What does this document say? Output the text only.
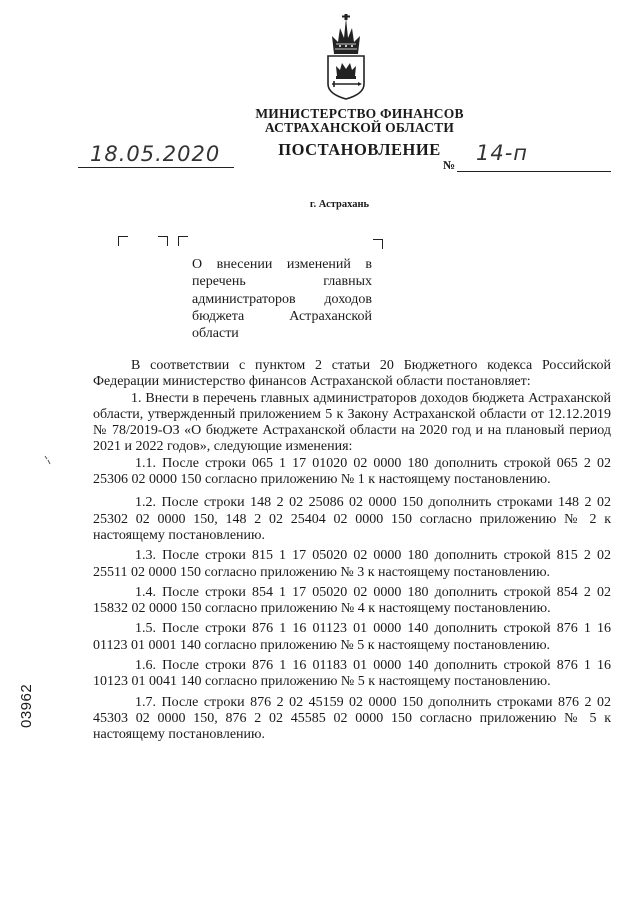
МИНИСТЕРСТВО ФИНАНСОВ
АСТРАХАНСКОЙ ОБЛАСТИ
ПОСТАНОВЛЕНИЕ
18.05.2020	№ 14-п
г. Астрахань
О внесении изменений в перечень главных администраторов доходов бюджета Астраханской области

В соответствии с пунктом 2 статьи 20 Бюджетного кодекса Российской Федерации министерство финансов Астраханской области постановляет:

1. Внести в перечень главных администраторов доходов бюджета Астраханской области, утвержденный приложением 5 к Закону Астраханской области от 12.12.2019 № 78/2019-ОЗ «О бюджете Астраханской области на 2020 год и на плановый период 2021 и 2022 годов», следующие изменения:

1.1. После строки 065 1 17 01020 02 0000 180 дополнить строкой 065 2 02 25306 02 0000 150 согласно приложению № 1 к настоящему постановлению.

1.2. После строки 148 2 02 25086 02 0000 150 дополнить строками 148 2 02 25302 02 0000 150, 148 2 02 25404 02 0000 150 согласно приложению № 2 к настоящему постановлению.

1.3. После строки 815 1 17 05020 02 0000 180 дополнить строкой 815 2 02 25511 02 0000 150 согласно приложению № 3 к настоящему постановлению.

1.4. После строки 854 1 17 05020 02 0000 180 дополнить строкой 854 2 02 15832 02 0000 150 согласно приложению № 4 к настоящему постановлению.

1.5. После строки 876 1 16 01123 01 0000 140 дополнить строкой 876 1 16 01123 01 0001 140 согласно приложению № 5 к настоящему постановлению.

1.6. После строки 876 1 16 01183 01 0000 140 дополнить строкой 876 1 16 10123 01 0041 140 согласно приложению № 5 к настоящему постановлению.

1.7. После строки 876 2 02 45159 02 0000 150 дополнить строками 876 2 02 45303 02 0000 150, 876 2 02 45585 02 0000 150 согласно приложению № 5 к настоящему постановлению.

03962
